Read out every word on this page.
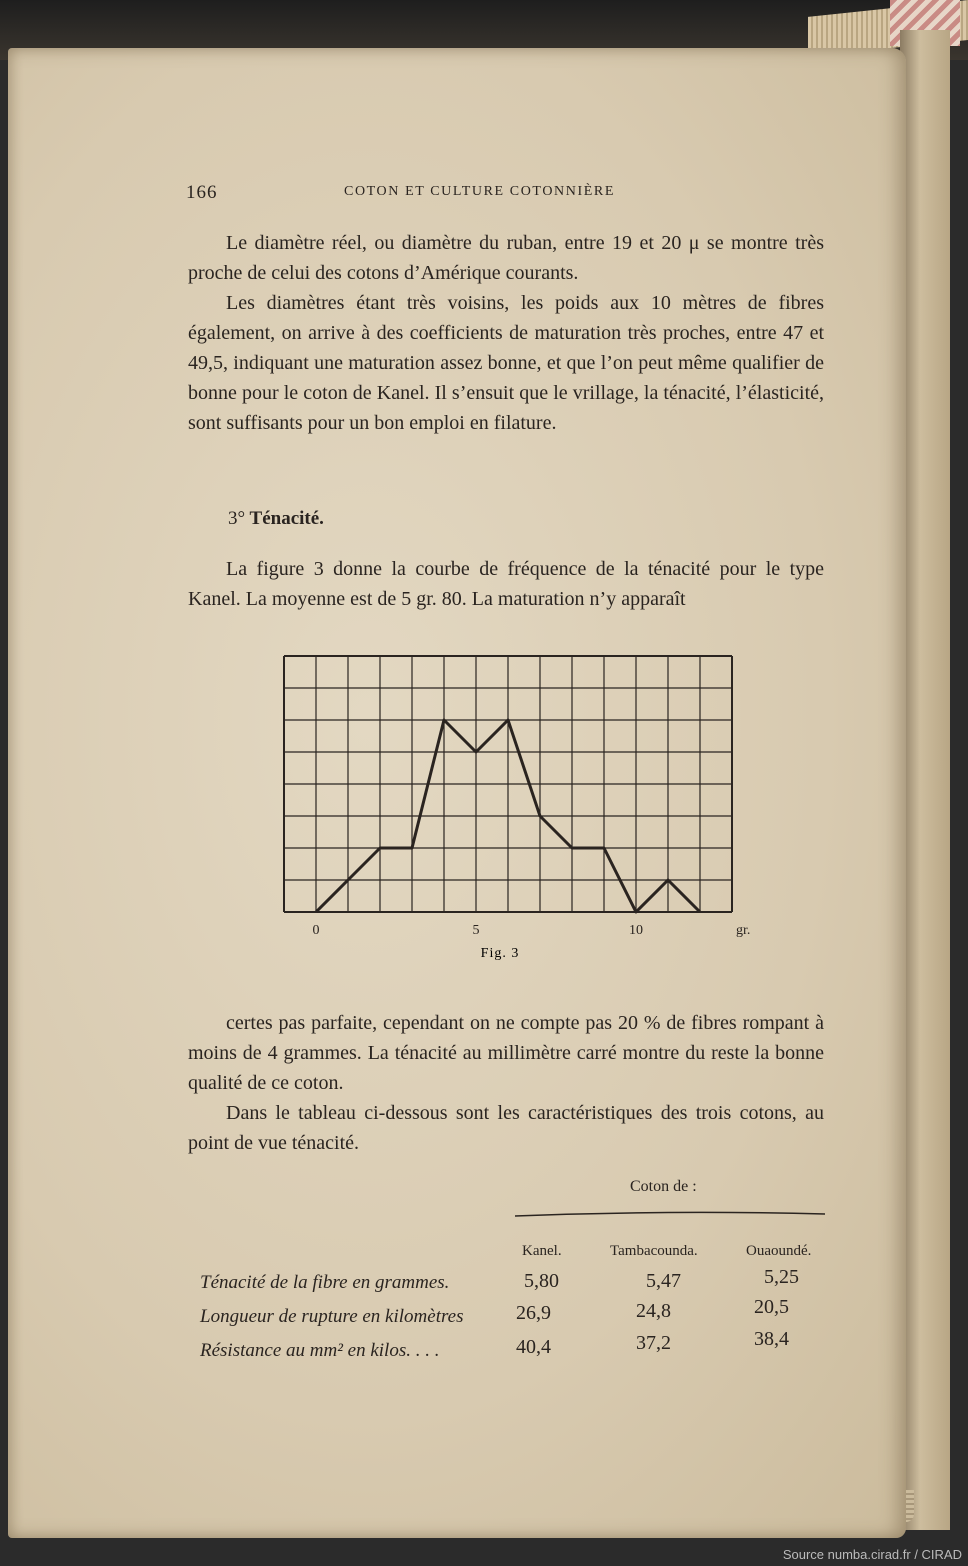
166	COTON ET CULTURE COTONNIÈRE

Le diamètre réel, ou diamètre du ruban, entre 19 et 20 μ se montre très proche de celui des cotons d’Amérique courants.

Les diamètres étant très voisins, les poids aux 10 mètres de fibres également, on arrive à des coefficients de maturation très proches, entre 47 et 49,5, indiquant une maturation assez bonne, et que l’on peut même qualifier de bonne pour le coton de Kanel. Il s’ensuit que le vrillage, la ténacité, l’élasticité, sont suffisants pour un bon emploi en filature.

3° Ténacité.

La figure 3 donne la courbe de fréquence de la ténacité pour le type Kanel. La moyenne est de 5 gr. 80. La maturation n’y apparaît

0	5	10	gr.
Fig. 3

certes pas parfaite, cependant on ne compte pas 20 % de fibres rompant à moins de 4 grammes. La ténacité au millimètre carré montre du reste la bonne qualité de ce coton.

Dans le tableau ci-dessous sont les caractéristiques des trois cotons, au point de vue ténacité.

Coton de :
Kanel.	Tambacounda.	Ouaoundé.
Ténacité de la fibre en grammes.	5,80	5,47	5,25
Longueur de rupture en kilomètres	26,9	24,8	20,5
Résistance au mm² en kilos. . . .	40,4	37,2	38,4
Source numba.cirad.fr / CIRAD
